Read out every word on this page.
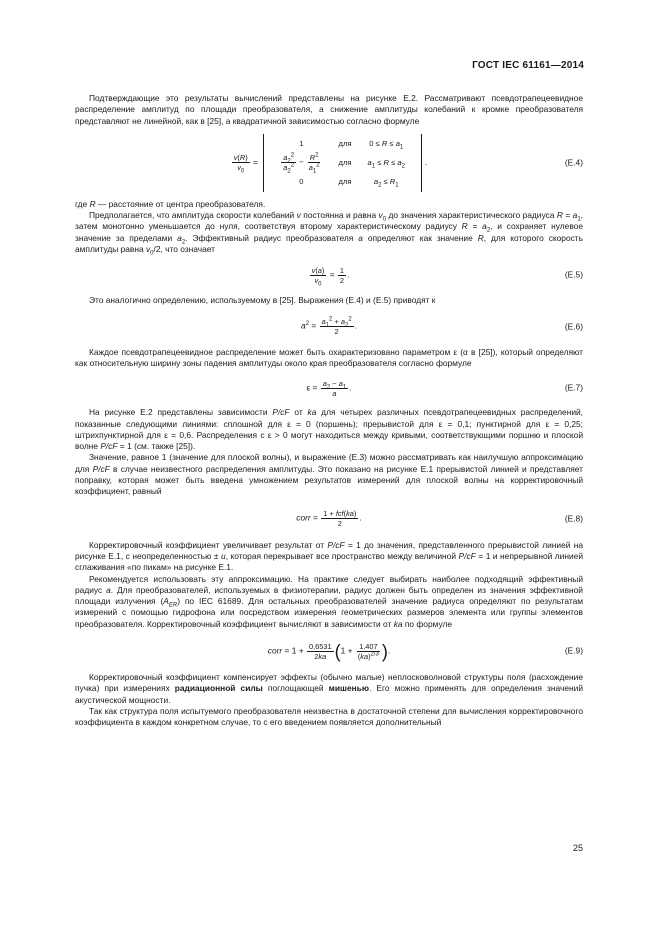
ГОСТ IEC 61161—2014

Подтверждающие это результаты вычислений представлены на рисунке Е.2. Рассматривают псевдотрапецеевидное распределение амплитуд по площади преобразователя, а снижение амплитуды колебаний к кромке преобразователя представляют не линейной, как в [25], а квадратичной зависимостью согласно формуле

$\frac{v(R)}{v_0}$ =
1	для	$0 \le R \le a_1$

$\frac{a_2^2}{a_2^2} - \frac{R^2}{a_1^2}$	для	$a_1 \le R \le a_2$
0	для	$a_2 \le R_1$
.	(Е.4)

где R — расстояние от центра преобразователя.

Предполагается, что амплитуда скорости колебаний v постоянна и равна $v_0$ до значения характеристического радиуса $R = a_1$, затем монотонно уменьшается до нуля, соответствуя второму характеристическому радиусу $R = a_2$, и сохраняет нулевое значение за пределами $a_2$. Эффективный радиус преобразователя a определяют как значение R, для которого скорость амплитуды равна $v_0/2$, что означает

$\frac{v(a)}{v_0} = \frac{1}{2}$ .	(Е.5)

Это аналогично определению, используемому в [25]. Выражения (Е.4) и (Е.5) приводят к

$a^2 = \frac{a_1^2 + a_2^2}{2}$ .	(Е.6)

Каждое псевдотрапецеевидное распределение может быть охарактеризовано параметром ε (α в [25]), который определяют как относительную ширину зоны падения амплитуды около края преобразователя согласно формуле

$\varepsilon = \frac{a_2 - a_1}{a}$ .	(Е.7)

На рисунке Е.2 представлены зависимости P/cF от ka для четырех различных псевдотрапецеевидных распределений, показанные следующими линиями: сплошной для ε = 0 (поршень); прерывистой для ε = 0,1; пунктирной для ε = 0,25; штрихпунктирной для ε = 0,6. Распределения с ε > 0 могут находиться между кривыми, соответствующими поршню и плоской волне P/cF = 1 (см. также [25]).

Значение, равное 1 (значение для плоской волны), и выражение (Е.3) можно рассматривать как наилучшую аппроксимацию для P/cF в случае неизвестного распределения амплитуды. Это показано на рисунке Е.1 прерывистой линией и представляет поправку, которая может быть введена умножением результатов измерений для плоской волны на корректировочный коэффициент, равный

corr = $\frac{\text{1 + fcf(ka)}}{2}$ .	(Е.8)

Корректировочный коэффициент увеличивает результат от P/cF = 1 до значения, представленного прерывистой линией на рисунке Е.1, с неопределенностью ± u, которая перекрывает все пространство между величиной P/cF = 1 и непрерывной линией сглаживания «по пикам» на рисунке Е.1.

Рекомендуется использовать эту аппроксимацию. На практике следует выбирать наиболее подходящий эффективный радиус a. Для преобразователей, используемых в физиотерапии, радиус должен быть определен из значения эффективной площади излучения $(A_{ER})$ по IEC 61689. Для остальных преобразователей значение радиуса определяют по результатам измерений с помощью гидрофона или посредством измерения геометрических размеров элемента или группы элементов преобразователя. Корректировочный коэффициент вычисляют в зависимости от ka по формуле

corr = $1 + \frac{0,6531}{2ka} (1 + \frac{1,407}{(ka)^{2/3}}$ ).	(Е.9)

Корректировочный коэффициент компенсирует эффекты (обычно малые) неплосковолновой структуры поля (расхождение пучка) при измерениях радиационной силы поглощающей мишенью. Его можно применять для определения значений акустической мощности.

Так как структура поля испытуемого преобразователя неизвестна в достаточной степени для вычисления корректировочного коэффициента в каждом конкретном случае, то с его введением появляется дополнительный

25
